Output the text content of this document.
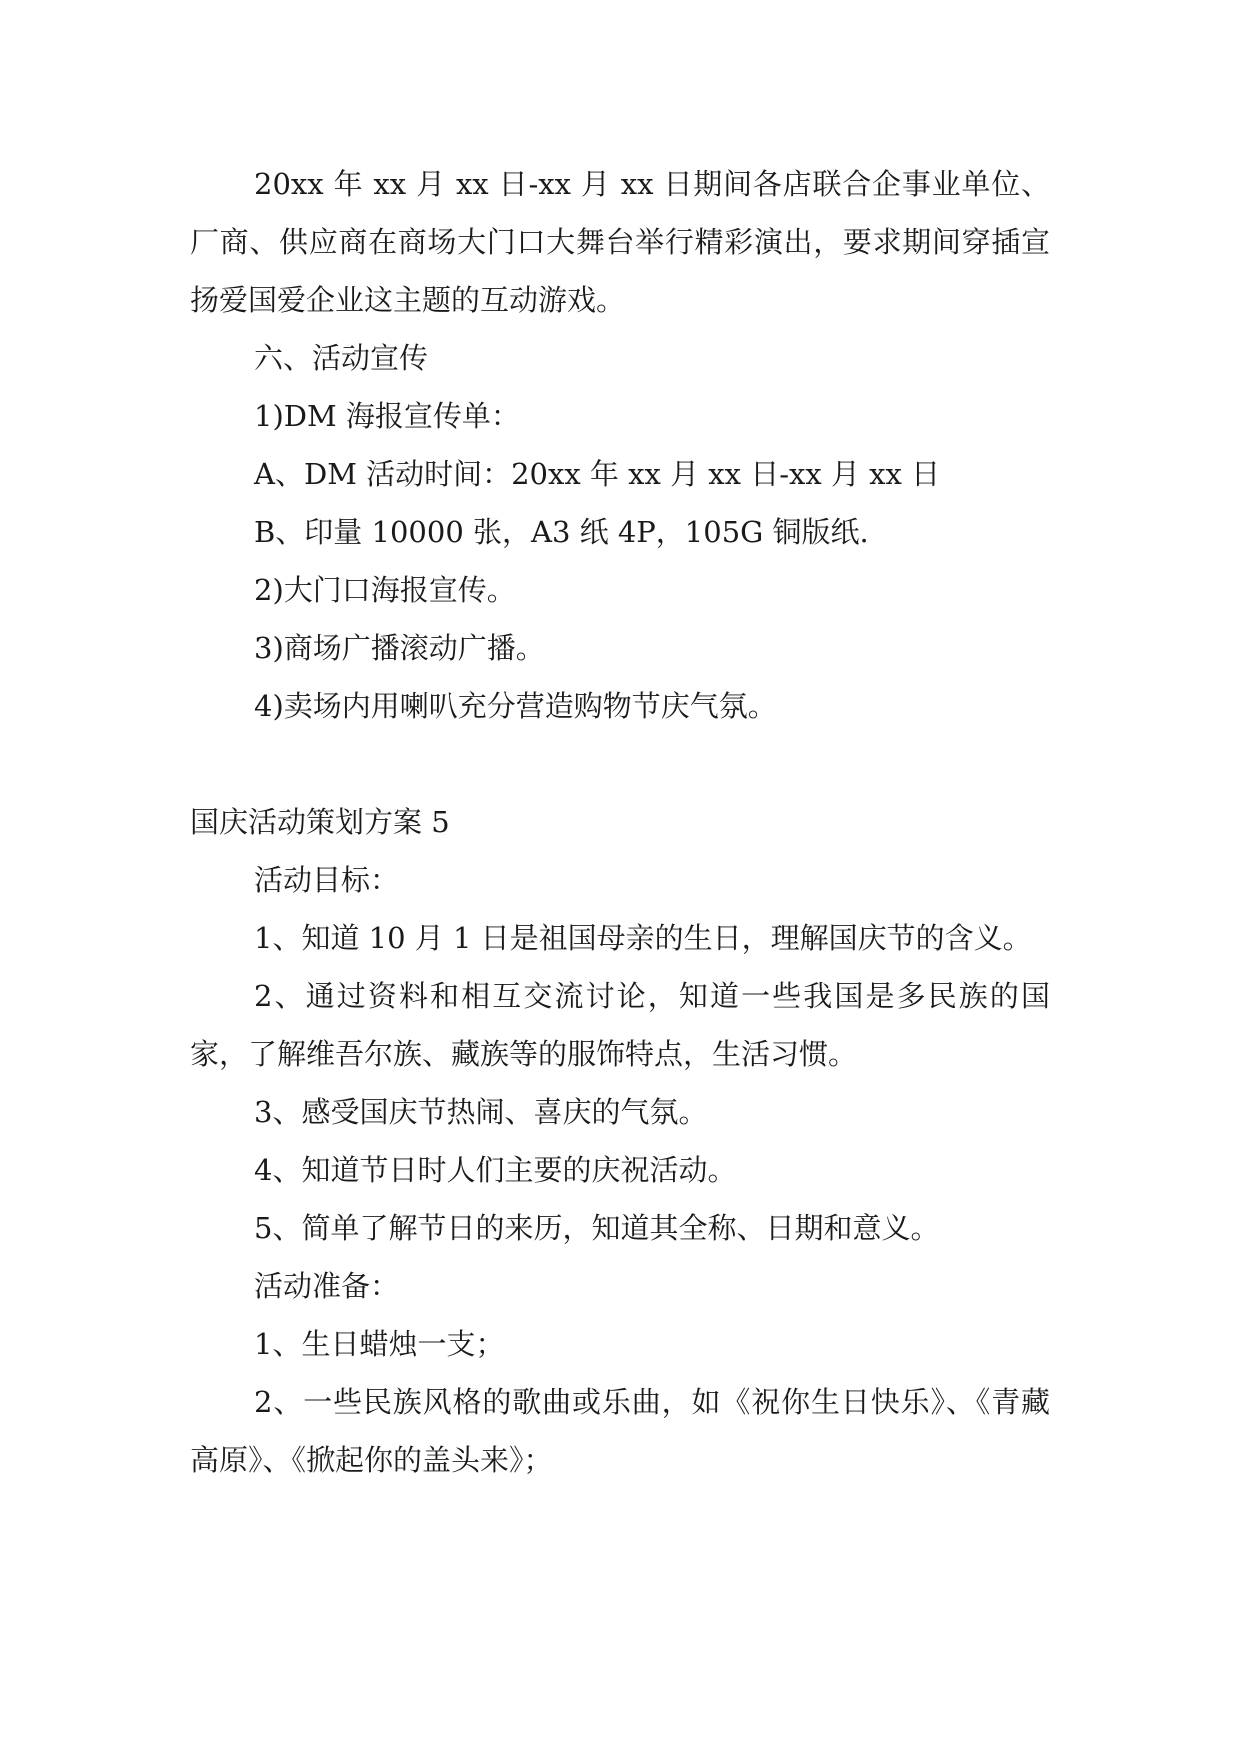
20xx 年 xx 月 xx 日-xx 月 xx 日期间各店联合企事业单位、厂商、供应商在商场大门口大舞台举行精彩演出，要求期间穿插宣扬爱国爱企业这主题的互动游戏。

六、活动宣传

1)DM 海报宣传单：

A、DM 活动时间：20xx 年 xx 月 xx 日-xx 月 xx 日

B、印量 10000 张，A3 纸 4P，105G 铜版纸.

2)大门口海报宣传。

3)商场广播滚动广播。

4)卖场内用喇叭充分营造购物节庆气氛。

国庆活动策划方案 5

活动目标：

1、知道 10 月 1 日是祖国母亲的生日，理解国庆节的含义。

2、通过资料和相互交流讨论，知道一些我国是多民族的国家，了解维吾尔族、藏族等的服饰特点，生活习惯。

3、感受国庆节热闹、喜庆的气氛。

4、知道节日时人们主要的庆祝活动。

5、简单了解节日的来历，知道其全称、日期和意义。

活动准备：

1、生日蜡烛一支；

2、一些民族风格的歌曲或乐曲，如《祝你生日快乐》、《青藏高原》、《掀起你的盖头来》；
